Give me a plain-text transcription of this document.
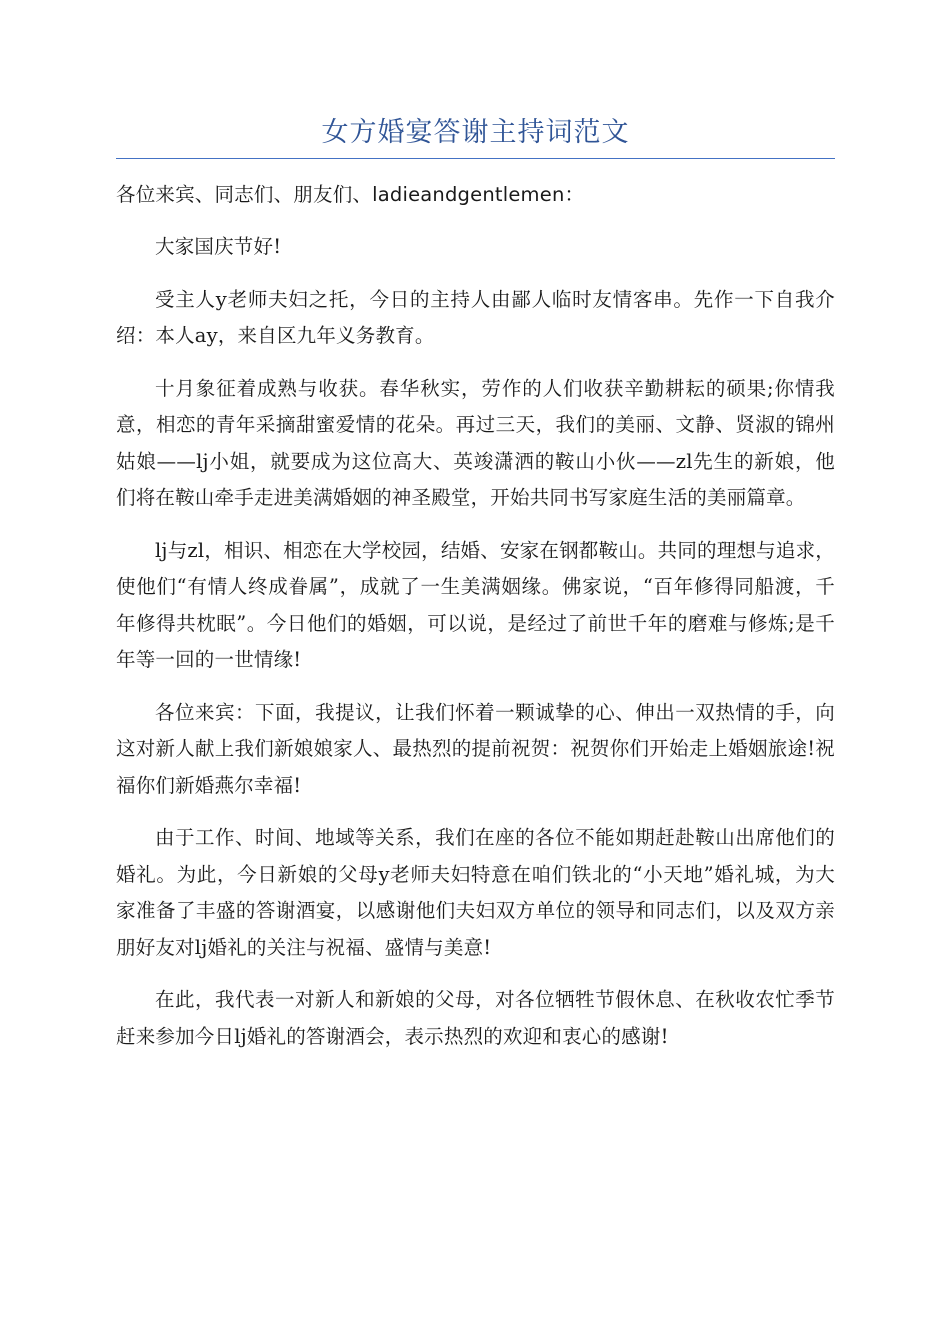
女方婚宴答谢主持词范文

各位来宾、同志们、朋友们、ladieandgentlemen：

大家国庆节好!

受主人y老师夫妇之托，今日的主持人由鄙人临时友情客串。先作一下自我介绍：本人ay，来自区九年义务教育。

十月象征着成熟与收获。春华秋实，劳作的人们收获辛勤耕耘的硕果;你情我意，相恋的青年采摘甜蜜爱情的花朵。再过三天，我们的美丽、文静、贤淑的锦州姑娘——lj小姐，就要成为这位高大、英竣潇洒的鞍山小伙——zl先生的新娘，他们将在鞍山牵手走进美满婚姻的神圣殿堂，开始共同书写家庭生活的美丽篇章。

lj与zl，相识、相恋在大学校园，结婚、安家在钢都鞍山。共同的理想与追求，使他们“有情人终成眷属”，成就了一生美满姻缘。佛家说，“百年修得同船渡，千年修得共枕眠”。今日他们的婚姻，可以说，是经过了前世千年的磨难与修炼;是千年等一回的一世情缘!

各位来宾：下面，我提议，让我们怀着一颗诚挚的心、伸出一双热情的手，向这对新人献上我们新娘娘家人、最热烈的提前祝贺：祝贺你们开始走上婚姻旅途!祝福你们新婚燕尔幸福!

由于工作、时间、地域等关系，我们在座的各位不能如期赶赴鞍山出席他们的婚礼。为此，今日新娘的父母y老师夫妇特意在咱们铁北的“小天地”婚礼城，为大家准备了丰盛的答谢酒宴，以感谢他们夫妇双方单位的领导和同志们，以及双方亲朋好友对lj婚礼的关注与祝福、盛情与美意!

在此，我代表一对新人和新娘的父母，对各位牺牲节假休息、在秋收农忙季节赶来参加今日lj婚礼的答谢酒会，表示热烈的欢迎和衷心的感谢!
